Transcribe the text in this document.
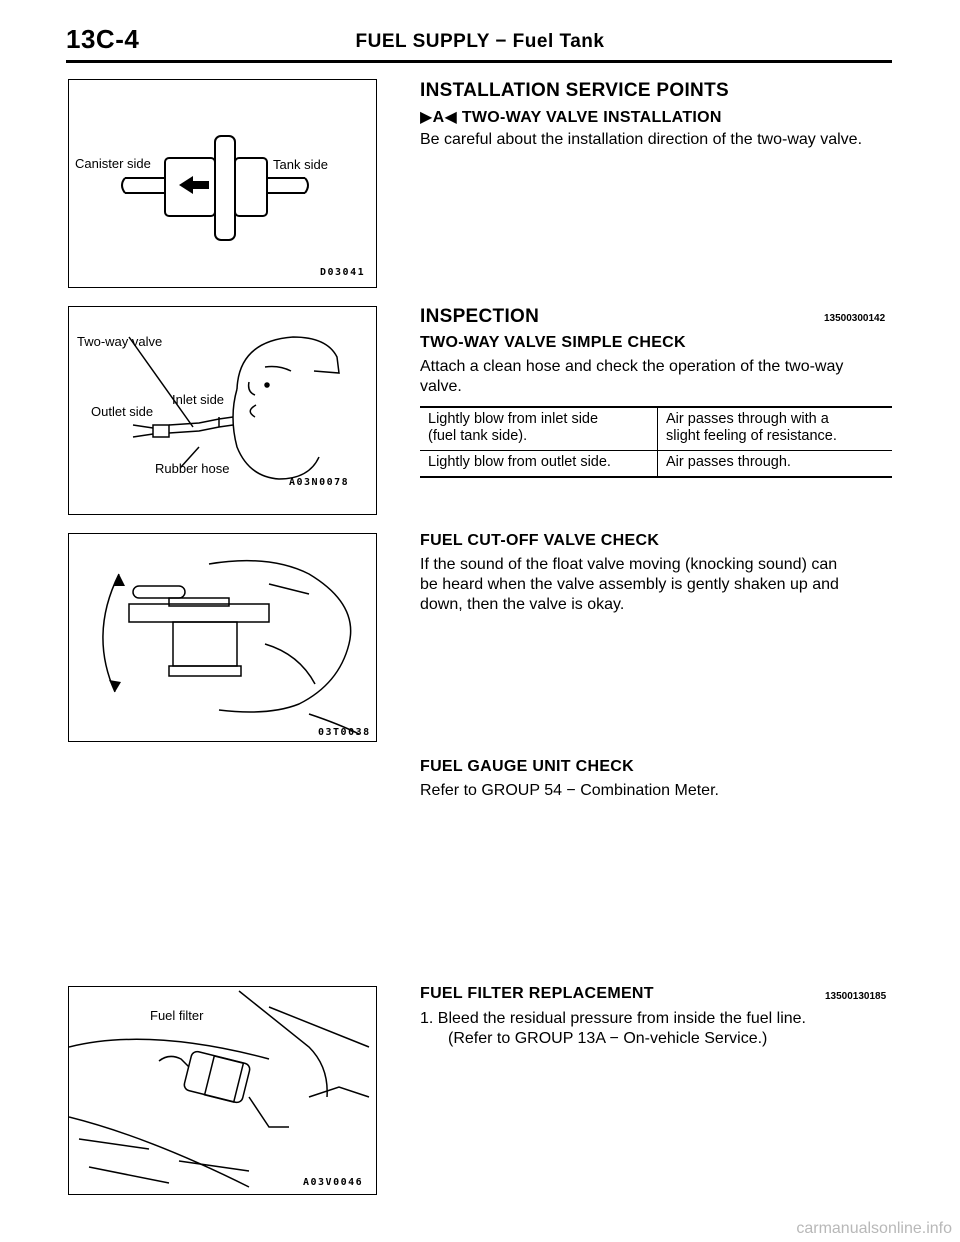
13C-4	FUEL SUPPLY − Fuel Tank
Canister side	Tank side
D03041
Two-way valve
Inlet side
Outlet side
Rubber hose
A03N0078
03T0038
Fuel filter
A03V0046
INSTALLATION SERVICE POINTS
▶A◀ TWO-WAY VALVE INSTALLATION
Be careful about the installation direction of the two-way valve.
INSPECTION	13500300142
TWO-WAY VALVE SIMPLE CHECK
Attach a clean hose and check the operation of the two-way
valve.
Lightly blow from inlet side
(fuel tank side).	Air passes through with a
slight feeling of resistance.
Lightly blow from outlet side.	Air passes through.
FUEL CUT-OFF VALVE CHECK
If the sound of the float valve moving (knocking sound) can
be heard when the valve assembly is gently shaken up and
down, then the valve is okay.
FUEL GAUGE UNIT CHECK
Refer to GROUP 54 − Combination Meter.
FUEL FILTER REPLACEMENT	13500130185
1. Bleed the residual pressure from inside the fuel line.
(Refer to GROUP 13A − On-vehicle Service.)
carmanualsonline.info
